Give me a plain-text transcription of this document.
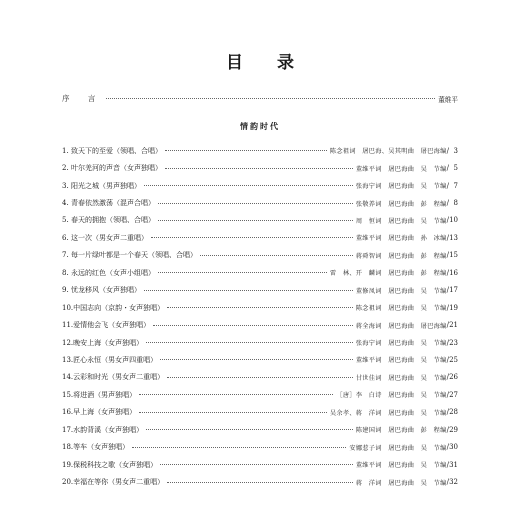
目 录
序 言	董维平
情韵时代
1. 致天下的至爱（领唱、合唱）	陈念祖词　屠巴海、吴其明曲　屠巴海编 / 3
2. 叶尔羌河的声音（女声独唱）	董维平词　屠巴海曲　吴　节编 / 5
3. 阳光之城（男声独唱）	张海宁词　屠巴海曲　吴　节编 / 7
4. 青春依然激荡（混声合唱）	张敬养词　屠巴海曲　彭　程编 / 8
5. 春天的拥抱（领唱、合唱）	周　恒词　屠巴海曲　吴　节编 / 10
6. 这一次（男女声二重唱）	董维平词　屠巴海曲　孙　冰编 / 13
7. 每一片绿叶都是一个春天（领唱、合唱）	蒋舜智词　屠巴海曲　彭　程编 / 15
8. 永远的红色（女声小组唱）	雷　林、开　麟词　屠巴海曲　彭　程编 / 16
9. 忧龙移风（女声独唱）	董修凤词　屠巴海曲　吴　节编 / 17
10. 中国志向（京韵・女声独唱）	陈念祖词　屠巴海曲　吴　节编 / 19
11. 爱情他会飞（女声独唱）	蒋全海词　屠巴海曲　屠巴海编 / 21
12. 晚安上海（女声独唱）	张海宁词　屠巴海曲　吴　节编 / 23
13. 匠心永恒（男女声四重唱）	董维平词　屠巴海曲　吴　节编 / 25
14. 云彩和时光（男女声二重唱）	甘世佳词　屠巴海曲　吴　节编 / 26
15. 将进酒（男声独唱）	［唐］李　白诗　屠巴海曲　吴　节编 / 27
16. 早上海（女声独唱）	吴余孝、蒋　洋词　屠巴海曲　吴　节编 / 28
17. 水韵背溪（女声独唱）	陈建国词　屠巴海曲　彭　程编 / 29
18. 等车（女声独唱）	安娜惹子词　屠巴海曲　吴　节编 / 30
19. 保税科技之歌（女声独唱）	董维平词　屠巴海曲　吴　节编 / 31
20. 幸福在等你（男女声二重唱）	蒋　洋词　屠巴海曲　吴　节编 / 32
